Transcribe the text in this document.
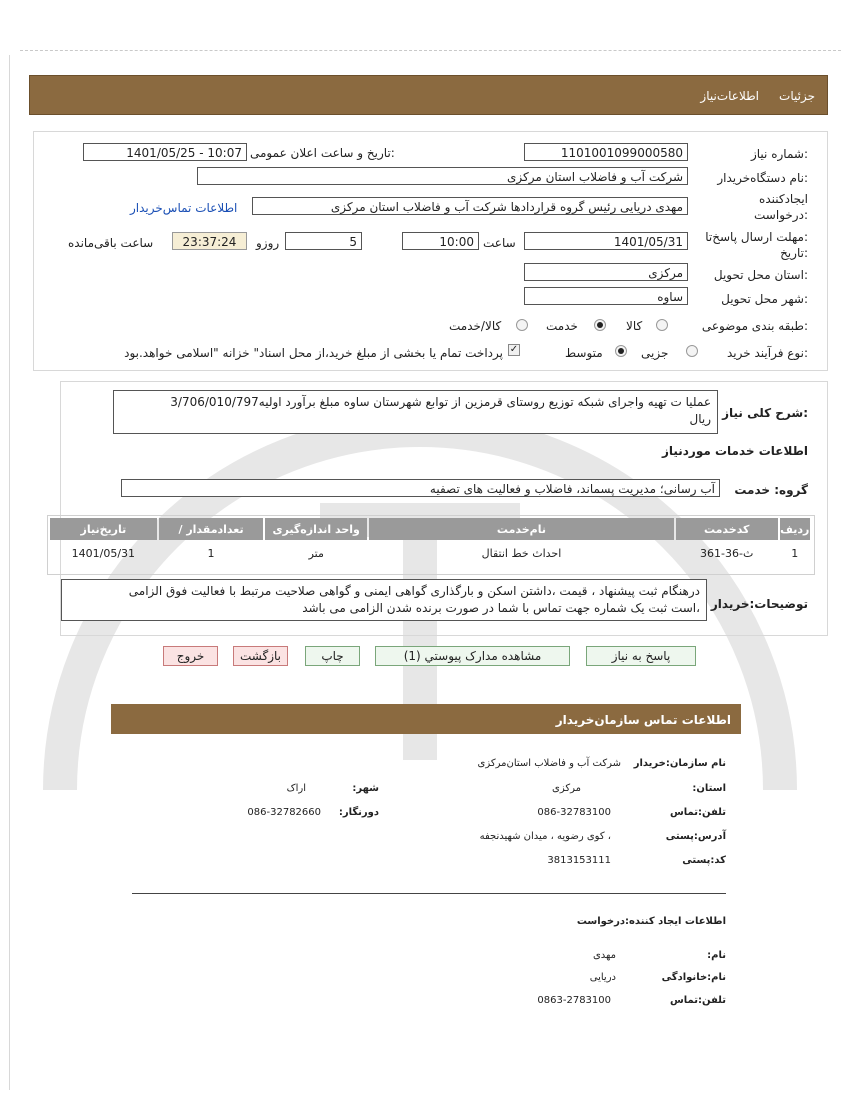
جزئیات
اطلاعات‌نیاز
شماره نیاز:
1101001099000580
تاریخ و ساعت اعلان عمومی:
1401/05/25 - 10:07
نام دستگاه‌خریدار:
شرکت آب و فاضلاب استان مرکزی
ایجادکننده
درخواست:
مهدی دریایی رئیس گروه قراردادها شرکت آب و فاضلاب استان مرکزی
اطلاعات تماس‌خریدار
مهلت ارسال پاسخ‌تا:
تاریخ:
1401/05/31
ساعت
10:00
5
روزو
23:37:24
ساعت باقی‌مانده
استان محل تحویل:
مرکزی
شهر محل تحویل:
ساوه
طبقه بندی موضوعی:
کالا
خدمت
کالا/خدمت
نوع فرآیند خرید:
جزیی
متوسط
✓
پرداخت تمام یا بخشی از مبلغ خرید،از محل اسناد" خزانه "اسلامی خواهد.بود
شرح کلی نیاز:
عملیا ت تهیه واجرای شبکه توزیع روستای قرمزین از توابع شهرستان ساوه مبلغ برآورد اولیه3/706/010/797
ریال
اطلاعات خدمات موردنیاز
گروه: خدمت
آب رسانی؛ مدیریت پسماند، فاضلاب و فعالیت های تصفیه
ردیف	کدخدمت	نام‌خدمت	واحد اندازه‌گیری	تعدادمقدار /	تاریخ‌نیاز
1	ث-36-361	احداث خط انتقال	متر	1	1401/05/31
توضیحات:خریدار
درهنگام ثبت پیشنهاد ، قیمت ،داشتن اسکن و بارگذاری گواهی ایمنی و گواهی صلاحیت مرتبط با فعالیت فوق الزامی
،است ثبت یک شماره جهت تماس با شما در صورت برنده شدن الزامی می باشد
پاسخ به نیاز
مشاهده مدارک پیوستي (1)
چاپ
بازگشت
خروج
اطلاعات تماس سازمان‌خریدار
نام سازمان:خریدار
شرکت آب و فاضلاب استان‌مرکزی
:استان
مرکزی
:شهر
اراک
تلفن:تماس
086-32783100
:دورنگار
086-32782660
آدرس:پستی
کوی ‌رضویه ، میدان شهیدنجفه ،
کد:پستی
3813153111
اطلاعات ایجاد کننده:درخواست
:نام
مهدی
نام:خانوادگی
دریایی
تلفن:تماس
0863-2783100
